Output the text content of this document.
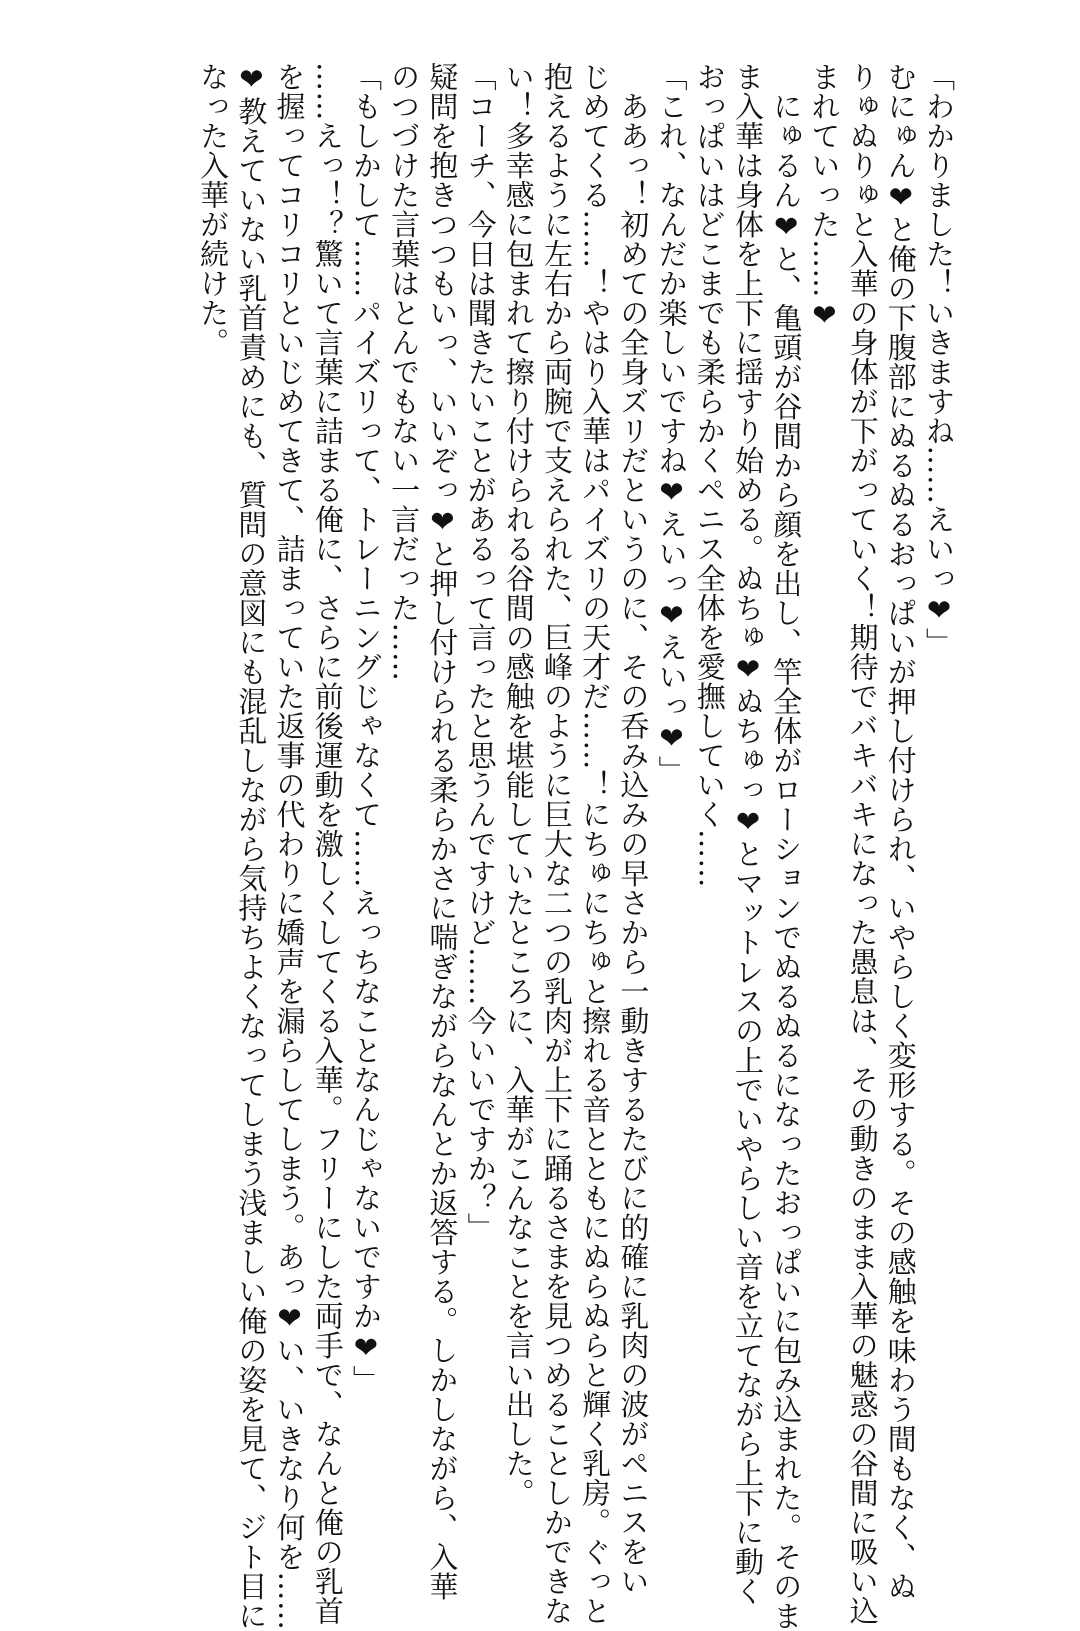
「わかりました！いきますね……えいっ❤」
むにゅん❤と俺の下腹部にぬるぬるおっぱいが押し付けられ、いやらしく変形する。その感触を味わう間もなく、ぬ
りゅぬりゅと入華の身体が下がっていく！期待でバキバキになった愚息は、その動きのまま入華の魅惑の谷間に吸い込
まれていった……❤
　にゅるん❤と、亀頭が谷間から顔を出し、竿全体がローションでぬるぬるになったおっぱいに包み込まれた。そのま
ま入華は身体を上下に揺すり始める。ぬちゅ❤ぬちゅっ❤とマットレスの上でいやらしい音を立てながら上下に動く
おっぱいはどこまでも柔らかくペニス全体を愛撫していく……
「これ、なんだか楽しいですね❤えいっ❤えいっ❤」
　ああっ！初めての全身ズリだというのに、その呑み込みの早さから一動きするたびに的確に乳肉の波がペニスをい
じめてくる……！やはり入華はパイズリの天才だ……！にちゅにちゅと擦れる音とともにぬらぬらと輝く乳房。ぐっと
抱えるように左右から両腕で支えられた、巨峰のように巨大な二つの乳肉が上下に踊るさまを見つめることしかできな
い！多幸感に包まれて擦り付けられる谷間の感触を堪能していたところに、入華がこんなことを言い出した。
「コーチ、今日は聞きたいことがあるって言ったと思うんですけど……今いいですか？」
疑問を抱きつつもいっ、いいぞっ❤と押し付けられる柔らかさに喘ぎながらなんとか返答する。しかしながら、入華
のつづけた言葉はとんでもない一言だった……
「もしかして……パイズリって、トレーニングじゃなくて……えっちなことなんじゃないですか❤」
……えっ！？驚いて言葉に詰まる俺に、さらに前後運動を激しくしてくる入華。フリーにした両手で、なんと俺の乳首
を握ってコリコリといじめてきて、詰まっていた返事の代わりに嬌声を漏らしてしまう。あっ❤い、いきなり何を……
❤教えていない乳首責めにも、質問の意図にも混乱しながら気持ちよくなってしまう浅ましい俺の姿を見て、ジト目に
なった入華が続けた。
